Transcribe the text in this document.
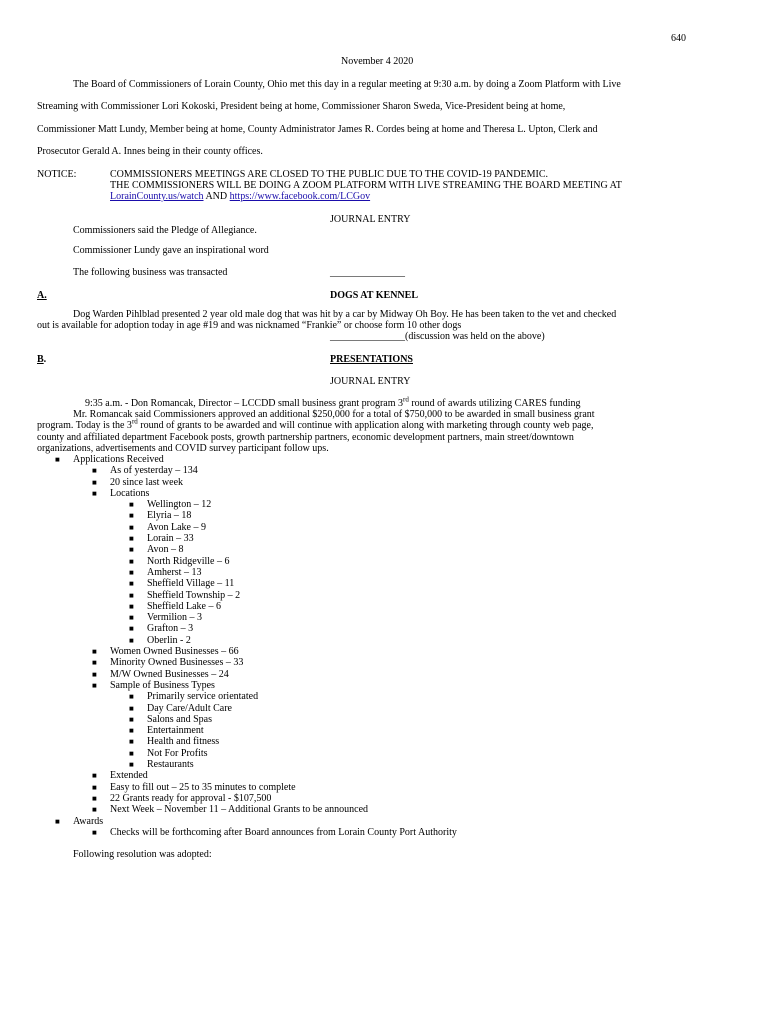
640
November 4 2020
The Board of Commissioners of Lorain County, Ohio met this day in a regular meeting at 9:30 a.m. by doing a Zoom Platform with Live
Streaming with Commissioner Lori Kokoski, President being at home, Commissioner Sharon Sweda, Vice-President being at home,
Commissioner Matt Lundy, Member being at home, County Administrator James R. Cordes being at home and Theresa L. Upton, Clerk and
Prosecutor Gerald A. Innes being in their county offices.
NOTICE:	COMMISSIONERS MEETINGS ARE CLOSED TO THE PUBLIC DUE TO THE COVID-19 PANDEMIC.
THE COMMISSIONERS WILL BE DOING A ZOOM PLATFORM WITH LIVE STREAMING THE BOARD MEETING AT
LorainCounty.us/watch AND https://www.facebook.com/LCGov
JOURNAL ENTRY
Commissioners said the Pledge of Allegiance.
Commissioner Lundy gave an inspirational word
The following business was transacted	_______________
A.	DOGS AT KENNEL
Dog Warden Pihlblad presented 2 year old male dog that was hit by a car by Midway Oh Boy. He has been taken to the vet and checked
out is available for adoption today in age #19 and was nicknamed “Frankie” or choose form 10 other dogs
_______________(discussion was held on the above)
B.	PRESENTATIONS
JOURNAL ENTRY
9:35 a.m. - Don Romancak, Director – LCCDD small business grant program 3rd round of awards utilizing CARES funding
Mr. Romancak said Commissioners approved an additional $250,000 for a total of $750,000 to be awarded in small business grant
program. Today is the 3rd round of grants to be awarded and will continue with application along with marketing through county web page,
county and affiliated department Facebook posts, growth partnership partners, economic development partners, main street/downtown
organizations, advertisements and COVID survey participant follow ups.
■ Applications Received
■ As of yesterday – 134
■ 20 since last week
■ Locations
■ Wellington – 12
■ Elyria – 18
■ Avon Lake – 9
■ Lorain – 33
■ Avon – 8
■ North Ridgeville – 6
■ Amherst – 13
■ Sheffield Village – 11
■ Sheffield Township – 2
■ Sheffield Lake – 6
■ Vermilion – 3
■ Grafton – 3
■ Oberlin - 2
■ Women Owned Businesses – 66
■ Minority Owned Businesses – 33
■ M/W Owned Businesses – 24
■ Sample of Business Types
■ Primarily service orientated
■ Day Care/Adult Care
■ Salons and Spas
■ Entertainment
■ Health and fitness
■ Not For Profits
■ Restaurants
■ Extended
■ Easy to fill out – 25 to 35 minutes to complete
■ 22 Grants ready for approval - $107,500
■ Next Week – November 11 – Additional Grants to be announced
■ Awards
■ Checks will be forthcoming after Board announces from Lorain County Port Authority
Following resolution was adopted:
